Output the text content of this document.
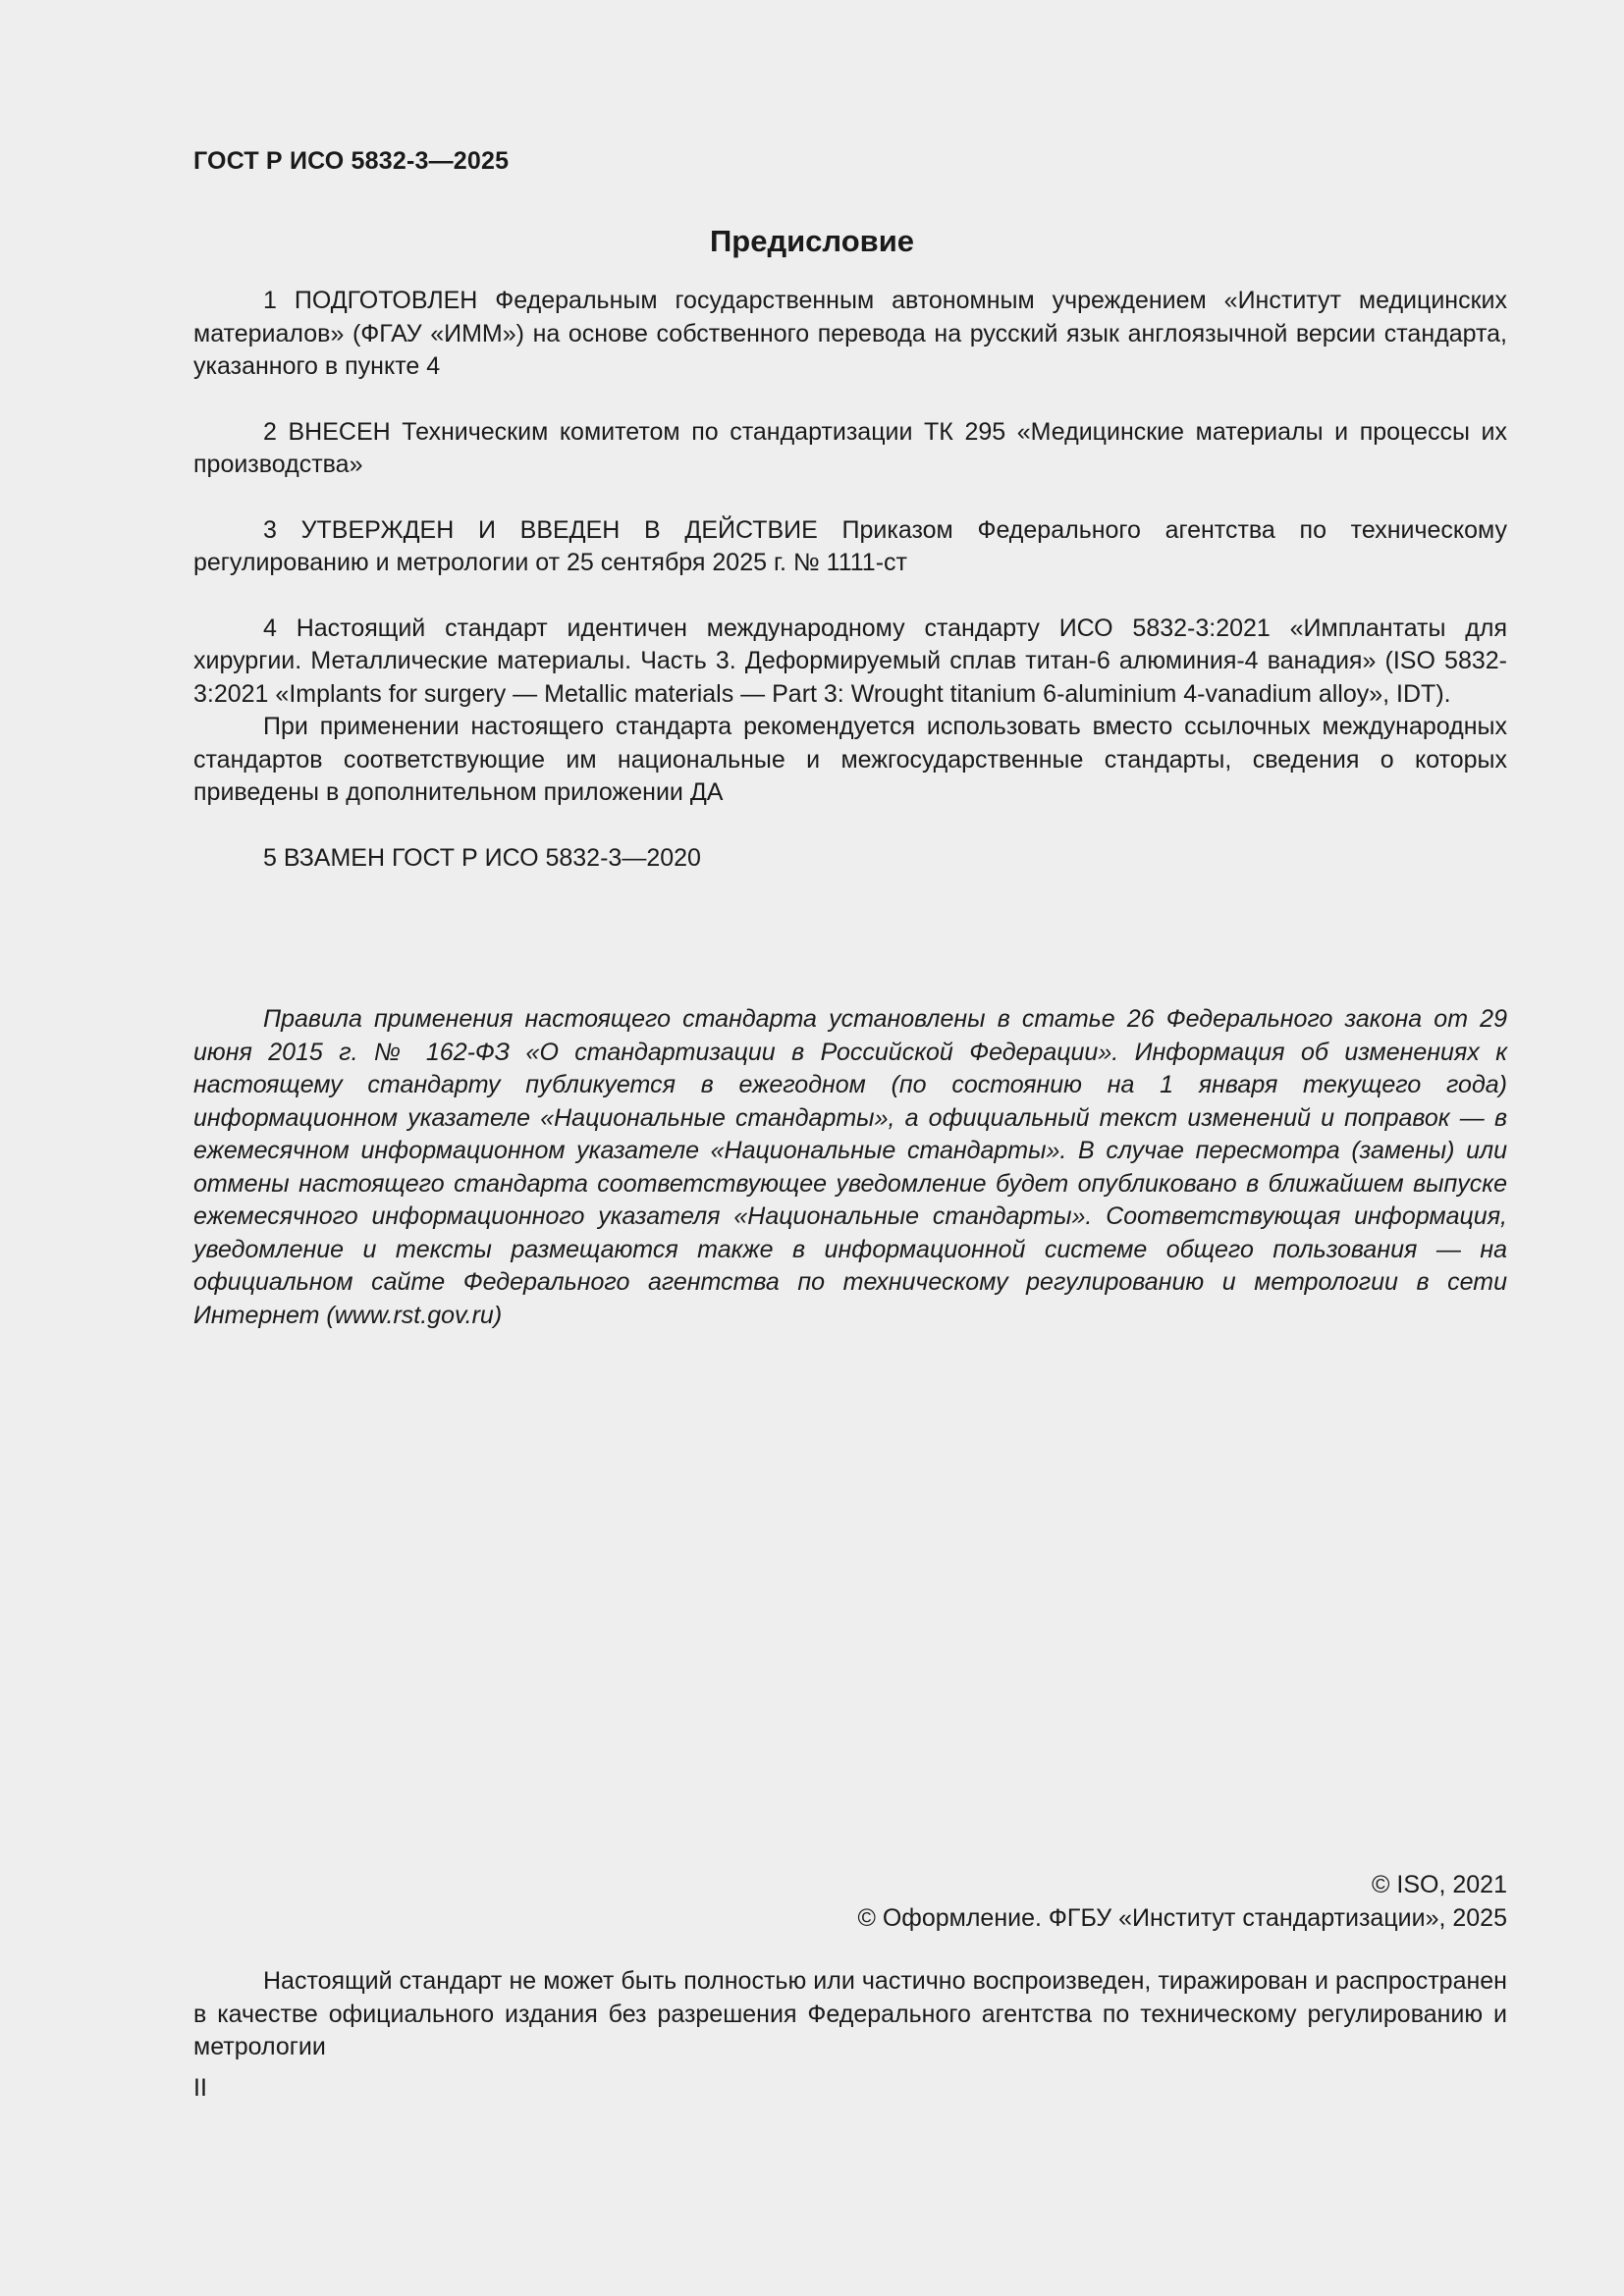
ГОСТ Р ИСО 5832-3—2025
Предисловие

1 ПОДГОТОВЛЕН Федеральным государственным автономным учреждением «Институт медицинских материалов» (ФГАУ «ИММ») на основе собственного перевода на русский язык англоязычной версии стандарта, указанного в пункте 4

2 ВНЕСЕН Техническим комитетом по стандартизации ТК 295 «Медицинские материалы и процессы их производства»

3 УТВЕРЖДЕН И ВВЕДЕН В ДЕЙСТВИЕ Приказом Федерального агентства по техническому регулированию и метрологии от 25 сентября 2025 г. № 1111-ст

4 Настоящий стандарт идентичен международному стандарту ИСО 5832-3:2021 «Имплантаты для хирургии. Металлические материалы. Часть 3. Деформируемый сплав титан-6 алюминия-4 ванадия» (ISO 5832-3:2021 «Implants for surgery — Metallic materials — Part 3: Wrought titanium 6-aluminium 4-vanadium alloy», IDT).

При применении настоящего стандарта рекомендуется использовать вместо ссылочных международных стандартов соответствующие им национальные и межгосударственные стандарты, сведения о которых приведены в дополнительном приложении ДА

5 ВЗАМЕН ГОСТ Р ИСО 5832-3—2020

Правила применения настоящего стандарта установлены в статье 26 Федерального закона от 29 июня 2015 г. № 162-ФЗ «О стандартизации в Российской Федерации». Информация об изменениях к настоящему стандарту публикуется в ежегодном (по состоянию на 1 января текущего года) информационном указателе «Национальные стандарты», а официальный текст изменений и поправок — в ежемесячном информационном указателе «Национальные стандарты». В случае пересмотра (замены) или отмены настоящего стандарта соответствующее уведомление будет опубликовано в ближайшем выпуске ежемесячного информационного указателя «Национальные стандарты». Соответствующая информация, уведомление и тексты размещаются также в информационной системе общего пользования — на официальном сайте Федерального агентства по техническому регулированию и метрологии в сети Интернет (www.rst.gov.ru)

© ISO, 2021
© Оформление. ФГБУ «Институт стандартизации», 2025

Настоящий стандарт не может быть полностью или частично воспроизведен, тиражирован и распространен в качестве официального издания без разрешения Федерального агентства по техническому регулированию и метрологии

II
